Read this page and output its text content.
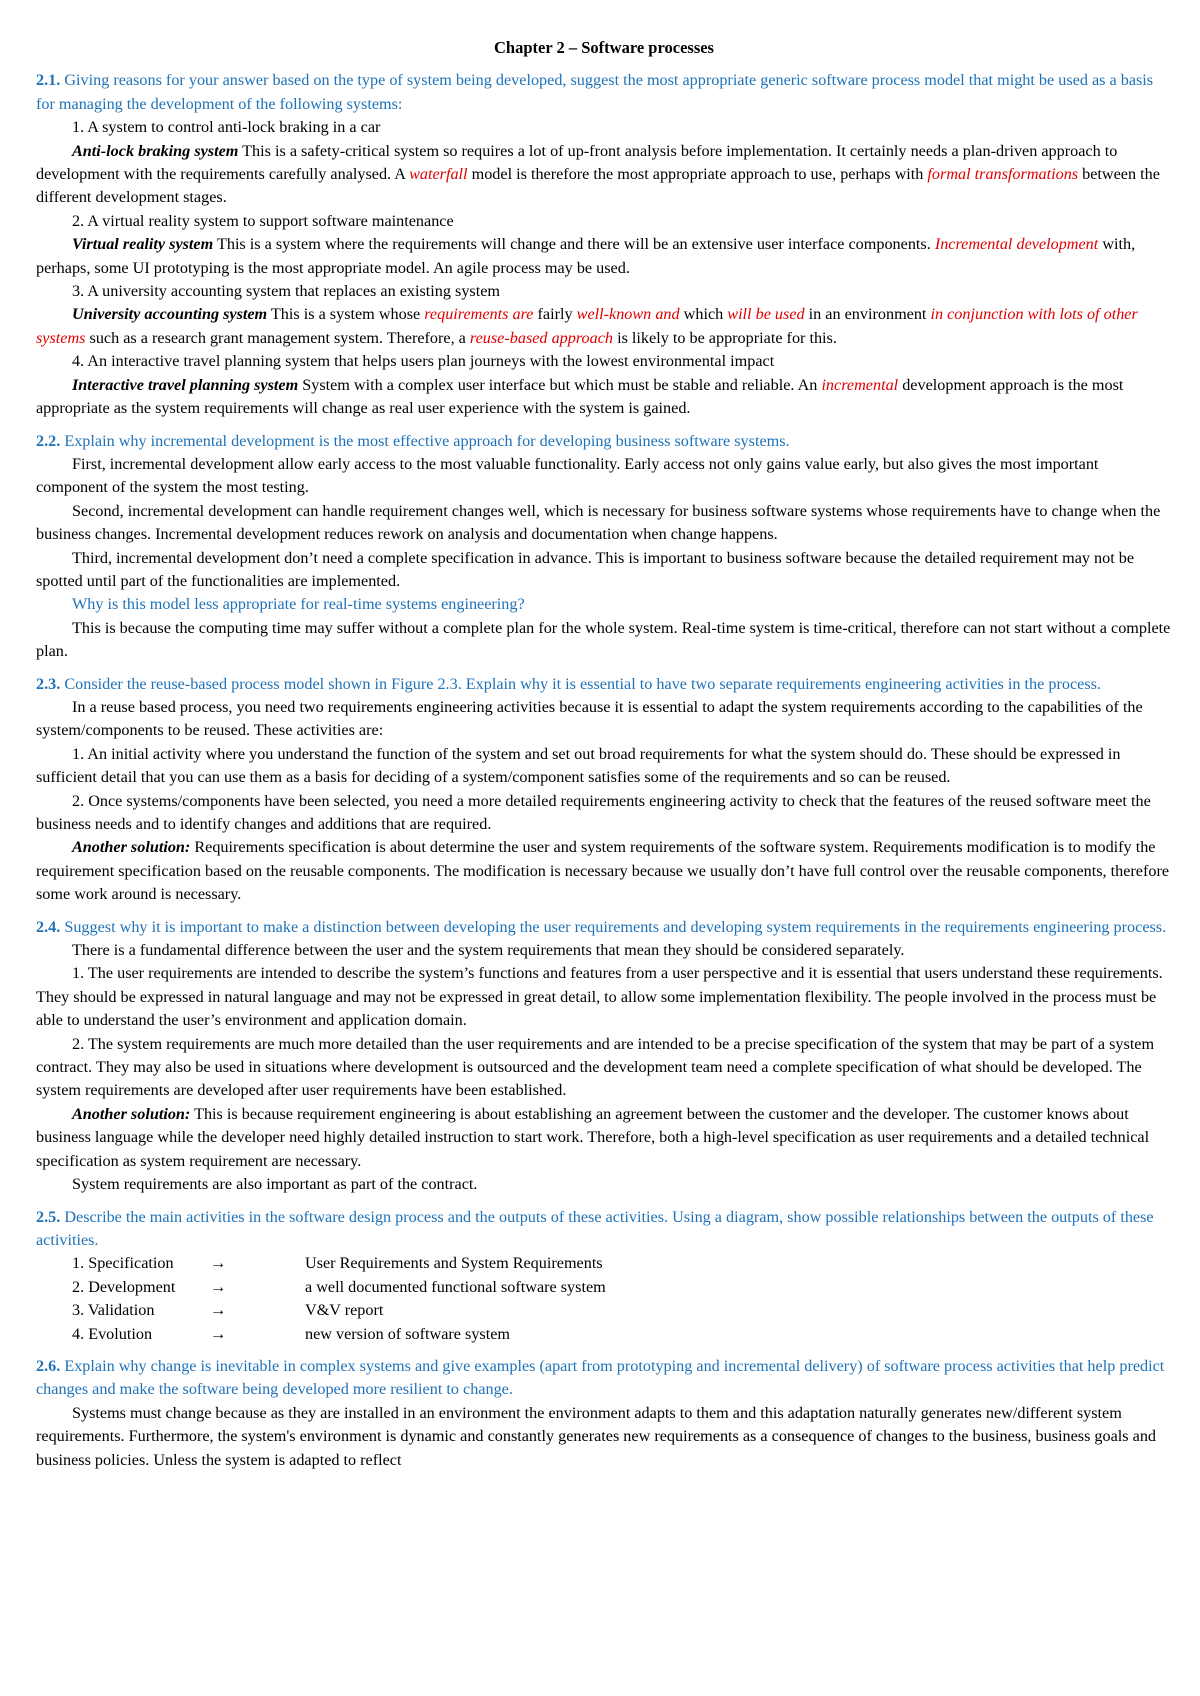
Chapter 2 – Software processes

2.1. Giving reasons for your answer based on the type of system being developed, suggest the most appropriate generic software process model that might be used as a basis for managing the development of the following systems:

1. A system to control anti-lock braking in a car

Anti-lock braking system This is a safety-critical system so requires a lot of up-front analysis before implementation. It certainly needs a plan-driven approach to development with the requirements carefully analysed. A waterfall model is therefore the most appropriate approach to use, perhaps with formal transformations between the different development stages.

2. A virtual reality system to support software maintenance

Virtual reality system This is a system where the requirements will change and there will be an extensive user interface components. Incremental development with, perhaps, some UI prototyping is the most appropriate model. An agile process may be used.

3. A university accounting system that replaces an existing system

University accounting system This is a system whose requirements are fairly well-known and which will be used in an environment in conjunction with lots of other systems such as a research grant management system. Therefore, a reuse-based approach is likely to be appropriate for this.

4. An interactive travel planning system that helps users plan journeys with the lowest environmental impact

Interactive travel planning system System with a complex user interface but which must be stable and reliable. An incremental development approach is the most appropriate as the system requirements will change as real user experience with the system is gained.

2.2. Explain why incremental development is the most effective approach for developing business software systems.

First, incremental development allow early access to the most valuable functionality. Early access not only gains value early, but also gives the most important component of the system the most testing.

Second, incremental development can handle requirement changes well, which is necessary for business software systems whose requirements have to change when the business changes. Incremental development reduces rework on analysis and documentation when change happens.

Third, incremental development don’t need a complete specification in advance. This is important to business software because the detailed requirement may not be spotted until part of the functionalities are implemented.

Why is this model less appropriate for real-time systems engineering?

This is because the computing time may suffer without a complete plan for the whole system. Real-time system is time-critical, therefore can not start without a complete plan.

2.3. Consider the reuse-based process model shown in Figure 2.3. Explain why it is essential to have two separate requirements engineering activities in the process.

In a reuse based process, you need two requirements engineering activities because it is essential to adapt the system requirements according to the capabilities of the system/components to be reused. These activities are:

1. An initial activity where you understand the function of the system and set out broad requirements for what the system should do. These should be expressed in sufficient detail that you can use them as a basis for deciding of a system/component satisfies some of the requirements and so can be reused.

2. Once systems/components have been selected, you need a more detailed requirements engineering activity to check that the features of the reused software meet the business needs and to identify changes and additions that are required.

Another solution: Requirements specification is about determine the user and system requirements of the software system. Requirements modification is to modify the requirement specification based on the reusable components. The modification is necessary because we usually don’t have full control over the reusable components, therefore some work around is necessary.

2.4. Suggest why it is important to make a distinction between developing the user requirements and developing system requirements in the requirements engineering process.

There is a fundamental difference between the user and the system requirements that mean they should be considered separately.

1. The user requirements are intended to describe the system’s functions and features from a user perspective and it is essential that users understand these requirements. They should be expressed in natural language and may not be expressed in great detail, to allow some implementation flexibility. The people involved in the process must be able to understand the user’s environment and application domain.

2. The system requirements are much more detailed than the user requirements and are intended to be a precise specification of the system that may be part of a system contract. They may also be used in situations where development is outsourced and the development team need a complete specification of what should be developed. The system requirements are developed after user requirements have been established.

Another solution: This is because requirement engineering is about establishing an agreement between the customer and the developer. The customer knows about business language while the developer need highly detailed instruction to start work. Therefore, both a high-level specification as user requirements and a detailed technical specification as system requirement are necessary.

System requirements are also important as part of the contract.

2.5. Describe the main activities in the software design process and the outputs of these activities. Using a diagram, show possible relationships between the outputs of these activities.

1. Specification →	User Requirements and System Requirements
2. Development →	a well documented functional software system
3. Validation	→	V&V report
4. Evolution	→	new version of software system

2.6. Explain why change is inevitable in complex systems and give examples (apart from prototyping and incremental delivery) of software process activities that help predict changes and make the software being developed more resilient to change.

Systems must change because as they are installed in an environment the environment adapts to them and this adaptation naturally generates new/different system requirements. Furthermore, the system's environment is dynamic and constantly generates new requirements as a consequence of changes to the business, business goals and business policies. Unless the system is adapted to reflect
